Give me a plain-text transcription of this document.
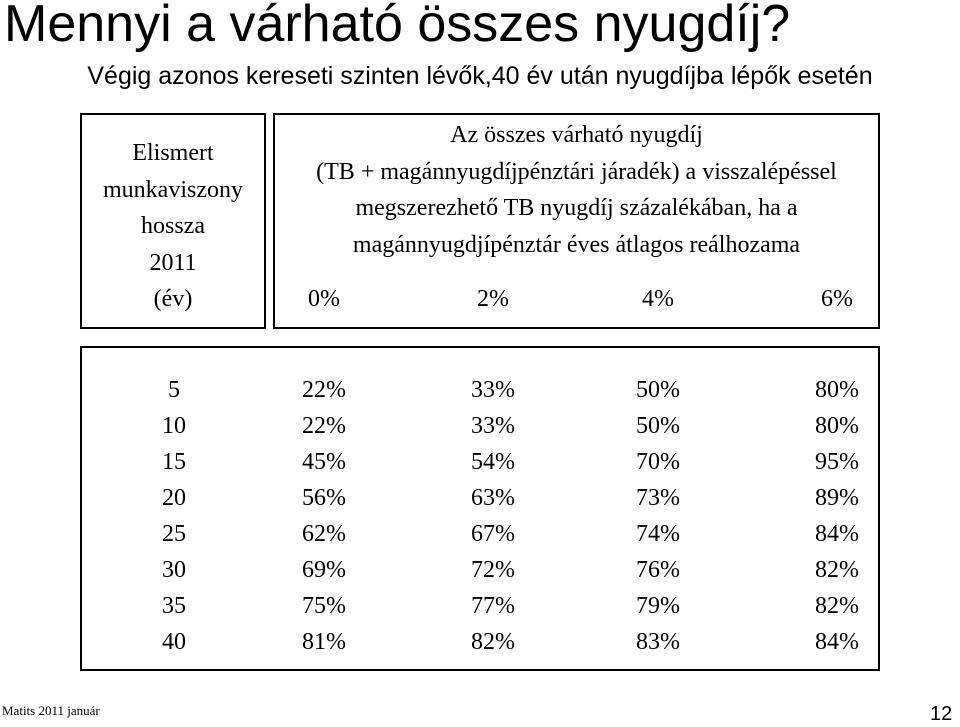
Mennyi a várható összes nyugdíj?
Végig azonos kereseti szinten lévők,40 év után nyugdíjba lépők esetén
Elismert
munkaviszony
hossza
2011
(év)
Az összes várható nyugdíj
(TB + magánnyugdíjpénztári járadék) a visszalépéssel
megszerezhető TB nyugdíj százalékában, ha a
magánnyugdjípénztár éves átlagos reálhozama
0%	2%	4%	6%
5	22%	33%	50%	80%
10	22%	33%	50%	80%
15	45%	54%	70%	95%
20	56%	63%	73%	89%
25	62%	67%	74%	84%
30	69%	72%	76%	82%
35	75%	77%	79%	82%
40	81%	82%	83%	84%
Matits 2011 január	12
